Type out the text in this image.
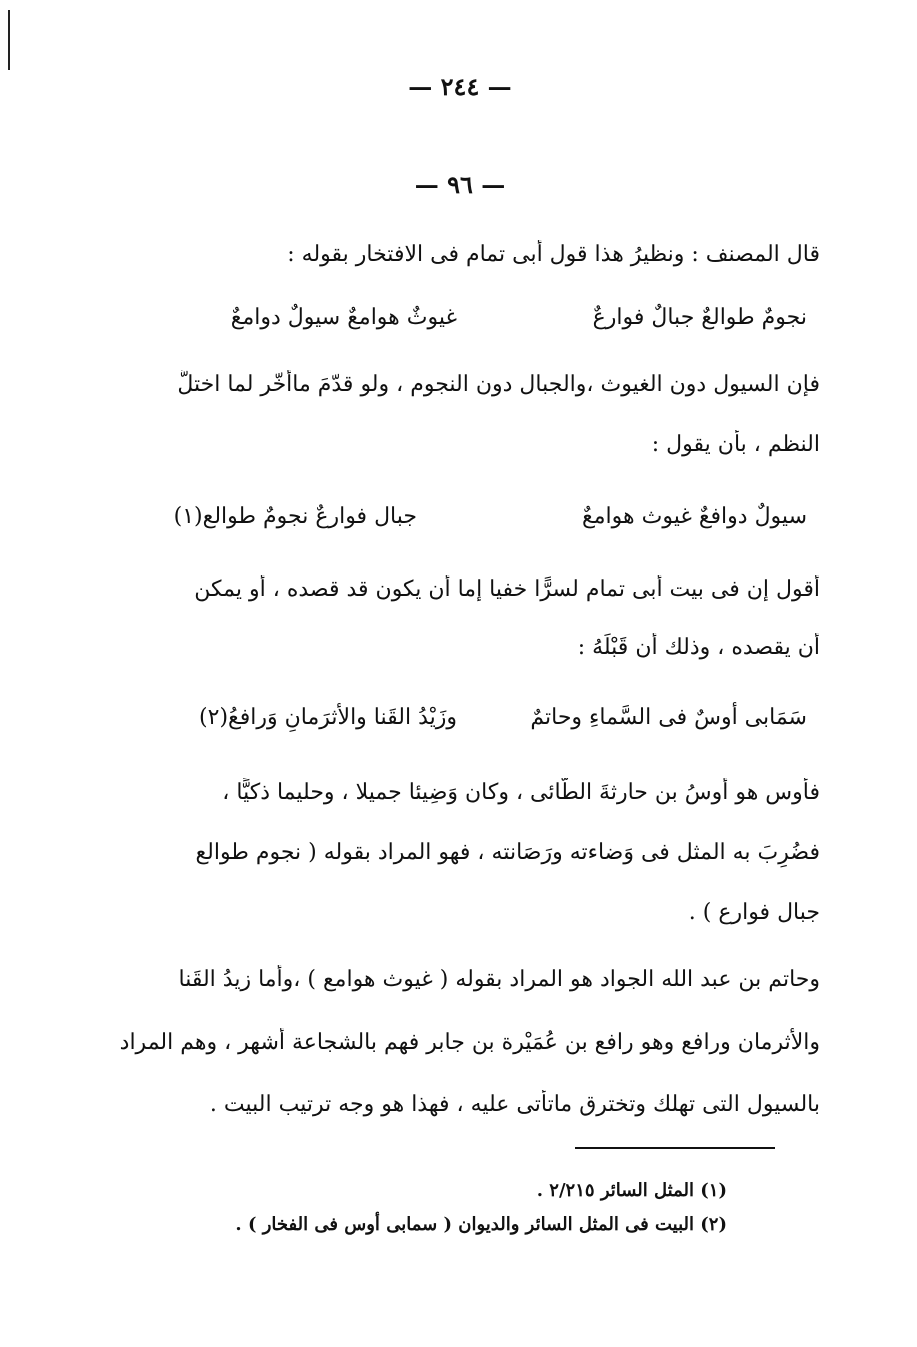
— ٢٤٤ —
— ٩٦ —
قال المصنف : ونظيرُ هذا قول أبى تمام فى الافتخار بقوله :
نجومٌ طوالعٌ جبالٌ فوارعٌ
غيوثٌ هوامعٌ سيولٌ دوامعٌ
فإن السيول دون الغيوث ،والجبال دون النجوم ، ولو قدّمَ ماأخّر لما اختلَّ
النظم ، بأن يقول :
سيولٌ دوافعٌ غيوث هوامعٌ
جبال فوارعٌ نجومٌ طوالع(١)
أقول إن فى بيت أبى تمام لسرًّا خفيا إما أن يكون قد قصده ، أو يمكن
أن يقصده ، وذلك أن قَبْلَهُ :
سَمَابى أوسٌ فى السَّماءِ وحاتمٌ
وزَيْدُ القَنا والأثرَمانِ وَرافعُ(٢)
فأوس هو أوسُ بن حارثةَ الطّائى ، وكان وَضِيئا جميلا ، وحليما ذكيًّا ،
فضُرِبَ به المثل فى وَضاءته ورَصَانته ، فهو المراد بقوله ( نجوم طوالع
جبال فوارع ) .
وحاتم بن عبد الله الجواد هو المراد بقوله ( غيوث هوامع ) ،وأما زيدُ القَنا
والأثرمان ورافع وهو رافع بن عُمَيْرة بن جابر فهم بالشجاعة أشهر ، وهم المراد
بالسيول التى تهلك وتخترق ماتأتى عليه ، فهذا هو وجه ترتيب البيت .
(١) المثل السائر ٢/٢١٥ .
(٢) البيت فى المثل السائر والديوان ( سمابى أوس فى الفخار ) .
